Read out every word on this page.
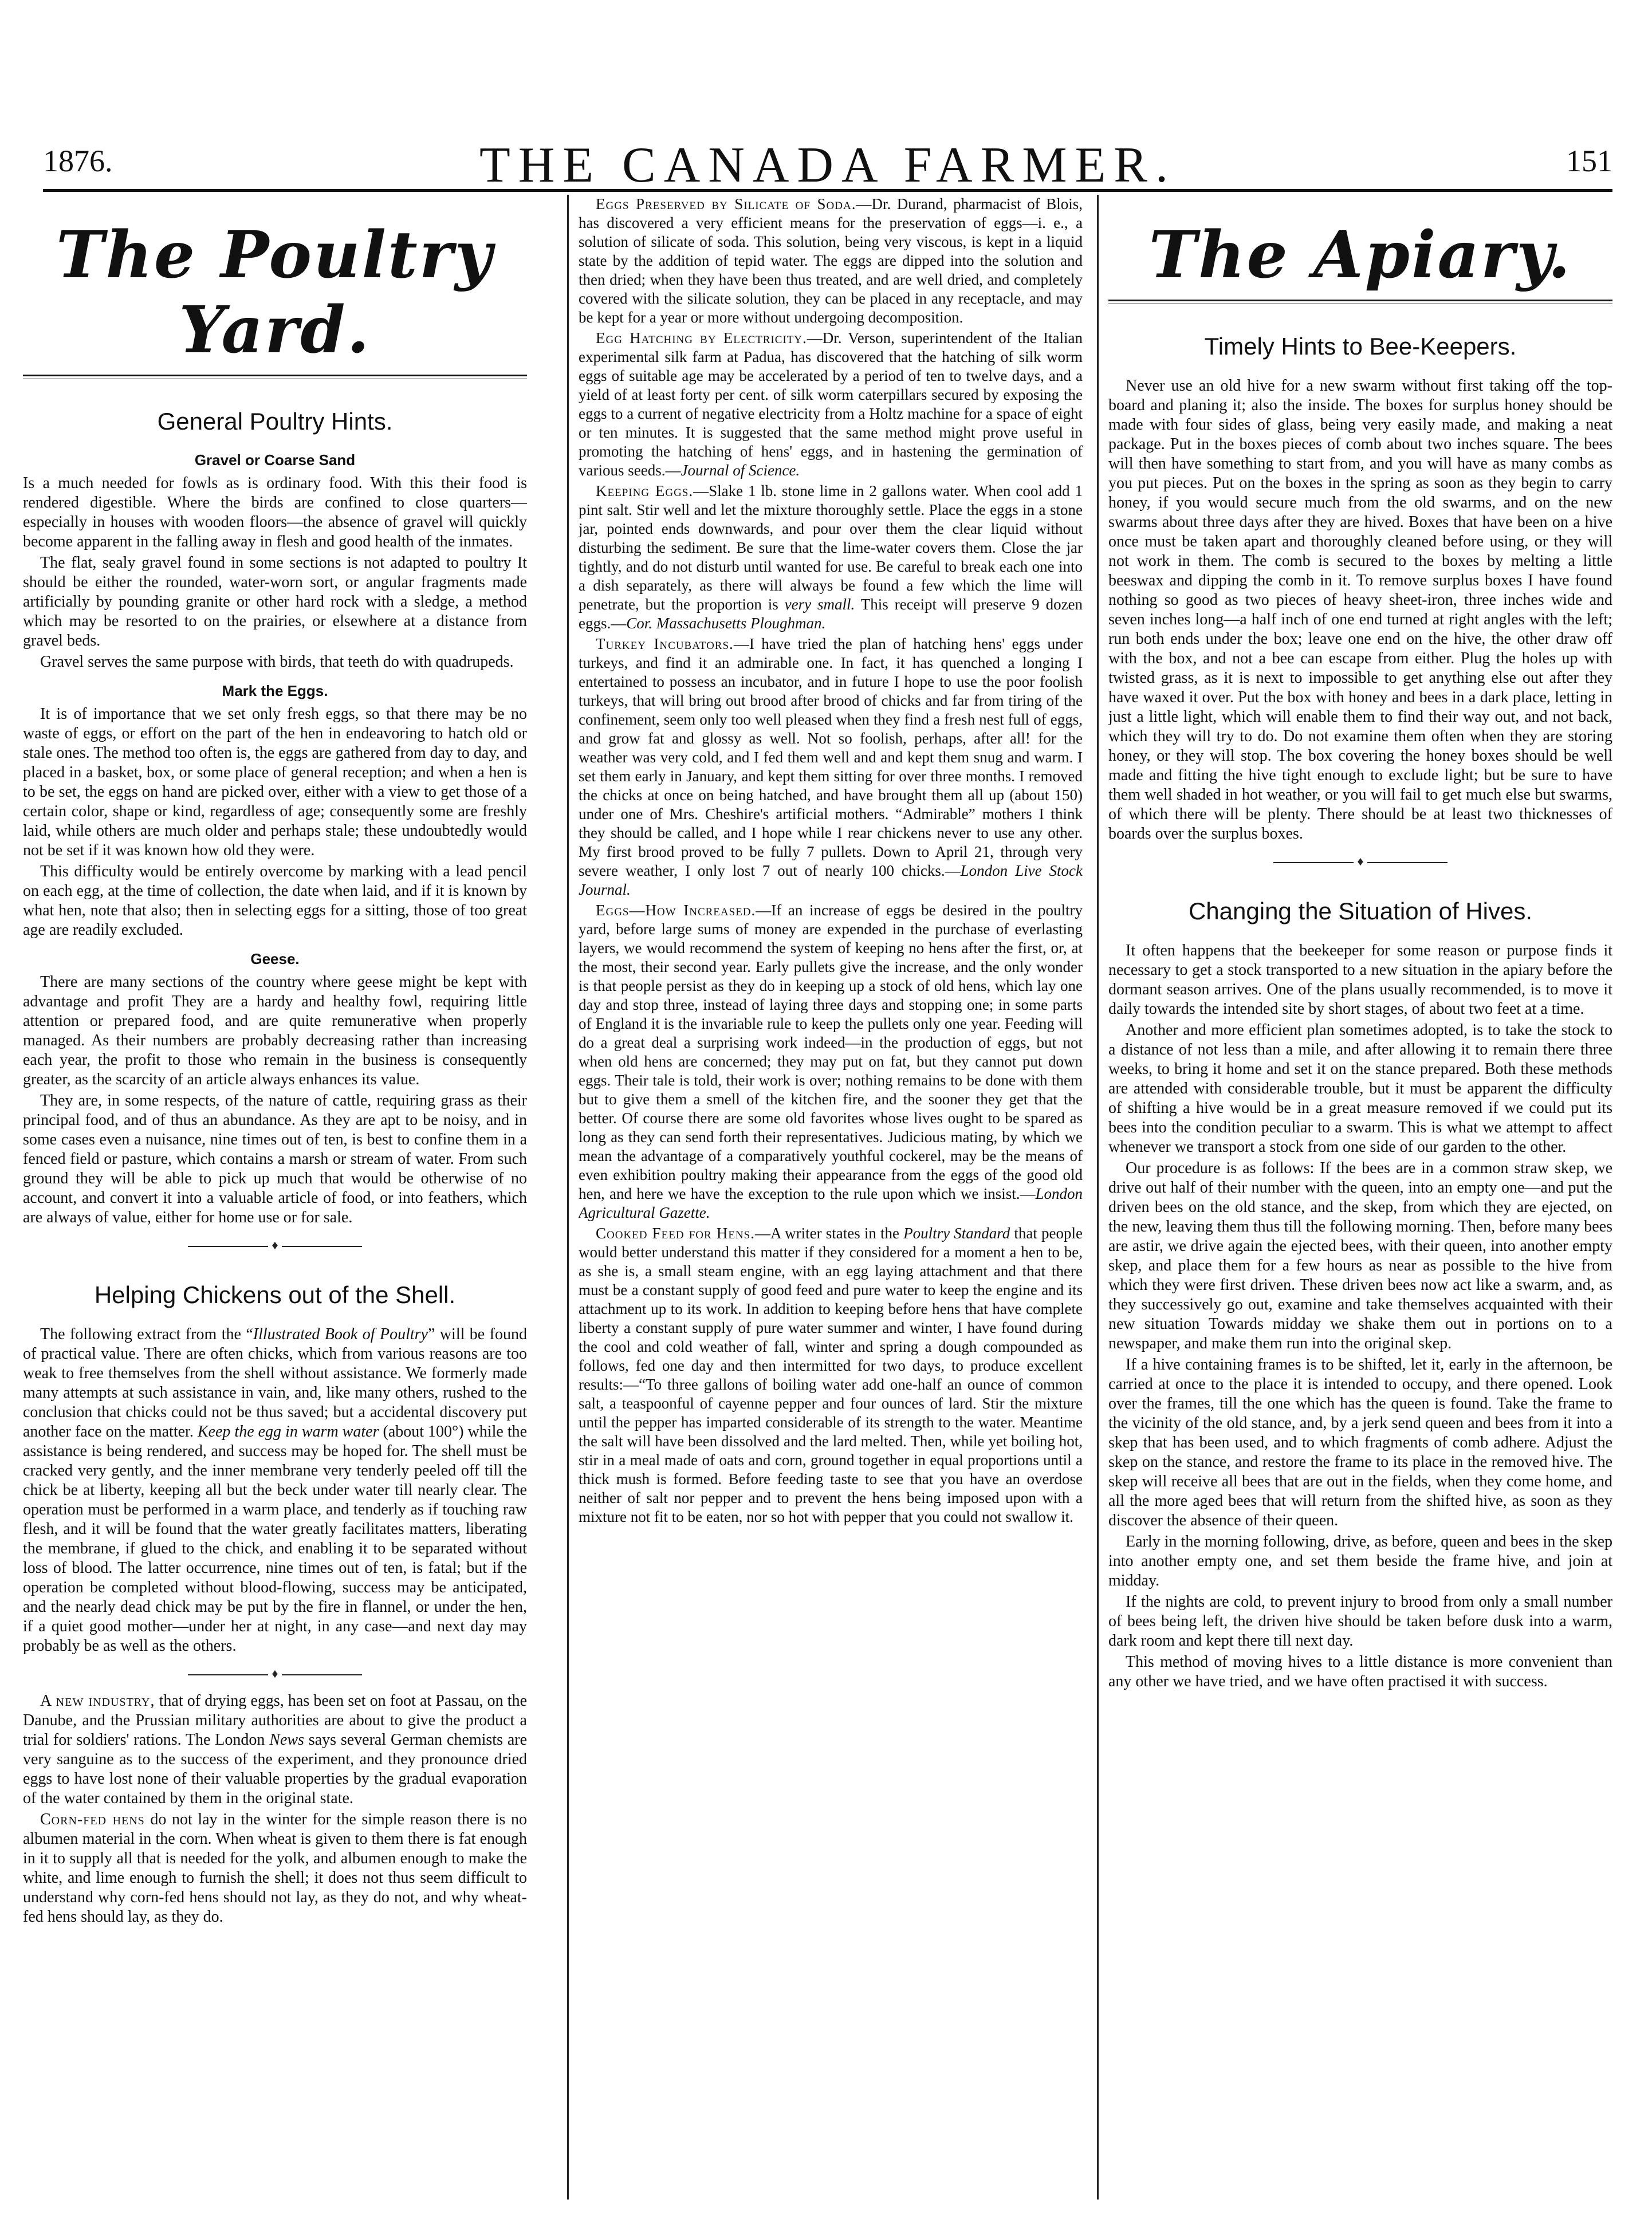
1876.	THE CANADA FARMER.	151
The Poultry Yard.
General Poultry Hints.
Gravel or Coarse Sand

Is a much needed for fowls as is ordinary food. With this their food is rendered digestible. Where the birds are confined to close quarters—especially in houses with wooden floors—the absence of gravel will quickly become apparent in the falling away in flesh and good health of the inmates.

The flat, sealy gravel found in some sections is not adapted to poultry It should be either the rounded, water-worn sort, or angular fragments made artificially by pounding granite or other hard rock with a sledge, a method which may be resorted to on the prairies, or elsewhere at a distance from gravel beds.

Gravel serves the same purpose with birds, that teeth do with quadrupeds.

Mark the Eggs.

It is of importance that we set only fresh eggs, so that there may be no waste of eggs, or effort on the part of the hen in endeavoring to hatch old or stale ones. The method too often is, the eggs are gathered from day to day, and placed in a basket, box, or some place of general reception; and when a hen is to be set, the eggs on hand are picked over, either with a view to get those of a certain color, shape or kind, regardless of age; consequently some are freshly laid, while others are much older and perhaps stale; these undoubtedly would not be set if it was known how old they were.

This difficulty would be entirely overcome by marking with a lead pencil on each egg, at the time of collection, the date when laid, and if it is known by what hen, note that also; then in selecting eggs for a sitting, those of too great age are readily excluded.

Geese.

There are many sections of the country where geese might be kept with advantage and profit They are a hardy and healthy fowl, requiring little attention or prepared food, and are quite remunerative when properly managed. As their numbers are probably decreasing rather than increasing each year, the profit to those who remain in the business is consequently greater, as the scarcity of an article always enhances its value.

They are, in some respects, of the nature of cattle, requiring grass as their principal food, and of thus an abundance. As they are apt to be noisy, and in some cases even a nuisance, nine times out of ten, is best to confine them in a fenced field or pasture, which contains a marsh or stream of water. From such ground they will be able to pick up much that would be otherwise of no account, and convert it into a valuable article of food, or into feathers, which are always of value, either for home use or for sale.

♦
Helping Chickens out of the Shell.

The following extract from the “Illustrated Book of Poultry” will be found of practical value. There are often chicks, which from various reasons are too weak to free themselves from the shell without assistance. We formerly made many attempts at such assistance in vain, and, like many others, rushed to the conclusion that chicks could not be thus saved; but a accidental discovery put another face on the matter. Keep the egg in warm water (about 100°) while the assistance is being rendered, and success may be hoped for. The shell must be cracked very gently, and the inner membrane very tenderly peeled off till the chick be at liberty, keeping all but the beck under water till nearly clear. The operation must be performed in a warm place, and tenderly as if touching raw flesh, and it will be found that the water greatly facilitates matters, liberating the membrane, if glued to the chick, and enabling it to be separated without loss of blood. The latter occurrence, nine times out of ten, is fatal; but if the operation be completed without blood-flowing, success may be anticipated, and the nearly dead chick may be put by the fire in flannel, or under the hen, if a quiet good mother—under her at night, in any case—and next day may probably be as well as the others.

♦

A new industry, that of drying eggs, has been set on foot at Passau, on the Danube, and the Prussian military authorities are about to give the product a trial for soldiers' rations. The London News says several German chemists are very sanguine as to the success of the experiment, and they pronounce dried eggs to have lost none of their valuable properties by the gradual evaporation of the water contained by them in the original state.

Corn-fed hens do not lay in the winter for the simple reason there is no albumen material in the corn. When wheat is given to them there is fat enough in it to supply all that is needed for the yolk, and albumen enough to make the white, and lime enough to furnish the shell; it does not thus seem difficult to understand why corn-fed hens should not lay, as they do not, and why wheat-fed hens should lay, as they do.

Eggs Preserved by Silicate of Soda.—Dr. Durand, pharmacist of Blois, has discovered a very efficient means for the preservation of eggs—i. e., a solution of silicate of soda. This solution, being very viscous, is kept in a liquid state by the addition of tepid water. The eggs are dipped into the solution and then dried; when they have been thus treated, and are well dried, and completely covered with the silicate solution, they can be placed in any receptacle, and may be kept for a year or more without undergoing decomposition.

Egg Hatching by Electricity.—Dr. Verson, superintendent of the Italian experimental silk farm at Padua, has discovered that the hatching of silk worm eggs of suitable age may be accelerated by a period of ten to twelve days, and a yield of at least forty per cent. of silk worm caterpillars secured by exposing the eggs to a current of negative electricity from a Holtz machine for a space of eight or ten minutes. It is suggested that the same method might prove useful in promoting the hatching of hens' eggs, and in hastening the germination of various seeds.—Journal of Science.

Keeping Eggs.—Slake 1 lb. stone lime in 2 gallons water. When cool add 1 pint salt. Stir well and let the mixture thoroughly settle. Place the eggs in a stone jar, pointed ends downwards, and pour over them the clear liquid without disturbing the sediment. Be sure that the lime-water covers them. Close the jar tightly, and do not disturb until wanted for use. Be careful to break each one into a dish separately, as there will always be found a few which the lime will penetrate, but the proportion is very small. This receipt will preserve 9 dozen eggs.—Cor. Massachusetts Ploughman.

Turkey Incubators.—I have tried the plan of hatching hens' eggs under turkeys, and find it an admirable one. In fact, it has quenched a longing I entertained to possess an incubator, and in future I hope to use the poor foolish turkeys, that will bring out brood after brood of chicks and far from tiring of the confinement, seem only too well pleased when they find a fresh nest full of eggs, and grow fat and glossy as well. Not so foolish, perhaps, after all! for the weather was very cold, and I fed them well and and kept them snug and warm. I set them early in January, and kept them sitting for over three months. I removed the chicks at once on being hatched, and have brought them all up (about 150) under one of Mrs. Cheshire's artificial mothers. “Admirable” mothers I think they should be called, and I hope while I rear chickens never to use any other. My first brood proved to be fully 7 pullets. Down to April 21, through very severe weather, I only lost 7 out of nearly 100 chicks.—London Live Stock Journal.

Eggs—How Increased.—If an increase of eggs be desired in the poultry yard, before large sums of money are expended in the purchase of everlasting layers, we would recommend the system of keeping no hens after the first, or, at the most, their second year. Early pullets give the increase, and the only wonder is that people persist as they do in keeping up a stock of old hens, which lay one day and stop three, instead of laying three days and stopping one; in some parts of England it is the invariable rule to keep the pullets only one year. Feeding will do a great deal a surprising work indeed—in the production of eggs, but not when old hens are concerned; they may put on fat, but they cannot put down eggs. Their tale is told, their work is over; nothing remains to be done with them but to give them a smell of the kitchen fire, and the sooner they get that the better. Of course there are some old favorites whose lives ought to be spared as long as they can send forth their representatives. Judicious mating, by which we mean the advantage of a comparatively youthful cockerel, may be the means of even exhibition poultry making their appearance from the eggs of the good old hen, and here we have the exception to the rule upon which we insist.—London Agricultural Gazette.

Cooked Feed for Hens.—A writer states in the Poultry Standard that people would better understand this matter if they considered for a moment a hen to be, as she is, a small steam engine, with an egg laying attachment and that there must be a constant supply of good feed and pure water to keep the engine and its attachment up to its work. In addition to keeping before hens that have complete liberty a constant supply of pure water summer and winter, I have found during the cool and cold weather of fall, winter and spring a dough compounded as follows, fed one day and then intermitted for two days, to produce excellent results:—“To three gallons of boiling water add one-half an ounce of common salt, a teaspoonful of cayenne pepper and four ounces of lard. Stir the mixture until the pepper has imparted considerable of its strength to the water. Meantime the salt will have been dissolved and the lard melted. Then, while yet boiling hot, stir in a meal made of oats and corn, ground together in equal proportions until a thick mush is formed. Before feeding taste to see that you have an overdose neither of salt nor pepper and to prevent the hens being imposed upon with a mixture not fit to be eaten, nor so hot with pepper that you could not swallow it.

The Apiary.
Timely Hints to Bee-Keepers.

Never use an old hive for a new swarm without first taking off the top-board and planing it; also the inside. The boxes for surplus honey should be made with four sides of glass, being very easily made, and making a neat package. Put in the boxes pieces of comb about two inches square. The bees will then have something to start from, and you will have as many combs as you put pieces. Put on the boxes in the spring as soon as they begin to carry honey, if you would secure much from the old swarms, and on the new swarms about three days after they are hived. Boxes that have been on a hive once must be taken apart and thoroughly cleaned before using, or they will not work in them. The comb is secured to the boxes by melting a little beeswax and dipping the comb in it. To remove surplus boxes I have found nothing so good as two pieces of heavy sheet-iron, three inches wide and seven inches long—a half inch of one end turned at right angles with the left; run both ends under the box; leave one end on the hive, the other draw off with the box, and not a bee can escape from either. Plug the holes up with twisted grass, as it is next to impossible to get anything else out after they have waxed it over. Put the box with honey and bees in a dark place, letting in just a little light, which will enable them to find their way out, and not back, which they will try to do. Do not examine them often when they are storing honey, or they will stop. The box covering the honey boxes should be well made and fitting the hive tight enough to exclude light; but be sure to have them well shaded in hot weather, or you will fail to get much else but swarms, of which there will be plenty. There should be at least two thicknesses of boards over the surplus boxes.

♦
Changing the Situation of Hives.

It often happens that the beekeeper for some reason or purpose finds it necessary to get a stock transported to a new situation in the apiary before the dormant season arrives. One of the plans usually recommended, is to move it daily towards the intended site by short stages, of about two feet at a time.

Another and more efficient plan sometimes adopted, is to take the stock to a distance of not less than a mile, and after allowing it to remain there three weeks, to bring it home and set it on the stance prepared. Both these methods are attended with considerable trouble, but it must be apparent the difficulty of shifting a hive would be in a great measure removed if we could put its bees into the condition peculiar to a swarm. This is what we attempt to affect whenever we transport a stock from one side of our garden to the other.

Our procedure is as follows: If the bees are in a common straw skep, we drive out half of their number with the queen, into an empty one—and put the driven bees on the old stance, and the skep, from which they are ejected, on the new, leaving them thus till the following morning. Then, before many bees are astir, we drive again the ejected bees, with their queen, into another empty skep, and place them for a few hours as near as possible to the hive from which they were first driven. These driven bees now act like a swarm, and, as they successively go out, examine and take themselves acquainted with their new situation Towards midday we shake them out in portions on to a newspaper, and make them run into the original skep.

If a hive containing frames is to be shifted, let it, early in the afternoon, be carried at once to the place it is intended to occupy, and there opened. Look over the frames, till the one which has the queen is found. Take the frame to the vicinity of the old stance, and, by a jerk send queen and bees from it into a skep that has been used, and to which fragments of comb adhere. Adjust the skep on the stance, and restore the frame to its place in the removed hive. The skep will receive all bees that are out in the fields, when they come home, and all the more aged bees that will return from the shifted hive, as soon as they discover the absence of their queen.

Early in the morning following, drive, as before, queen and bees in the skep into another empty one, and set them beside the frame hive, and join at midday.

If the nights are cold, to prevent injury to brood from only a small number of bees being left, the driven hive should be taken before dusk into a warm, dark room and kept there till next day.

This method of moving hives to a little distance is more convenient than any other we have tried, and we have often practised it with success.
